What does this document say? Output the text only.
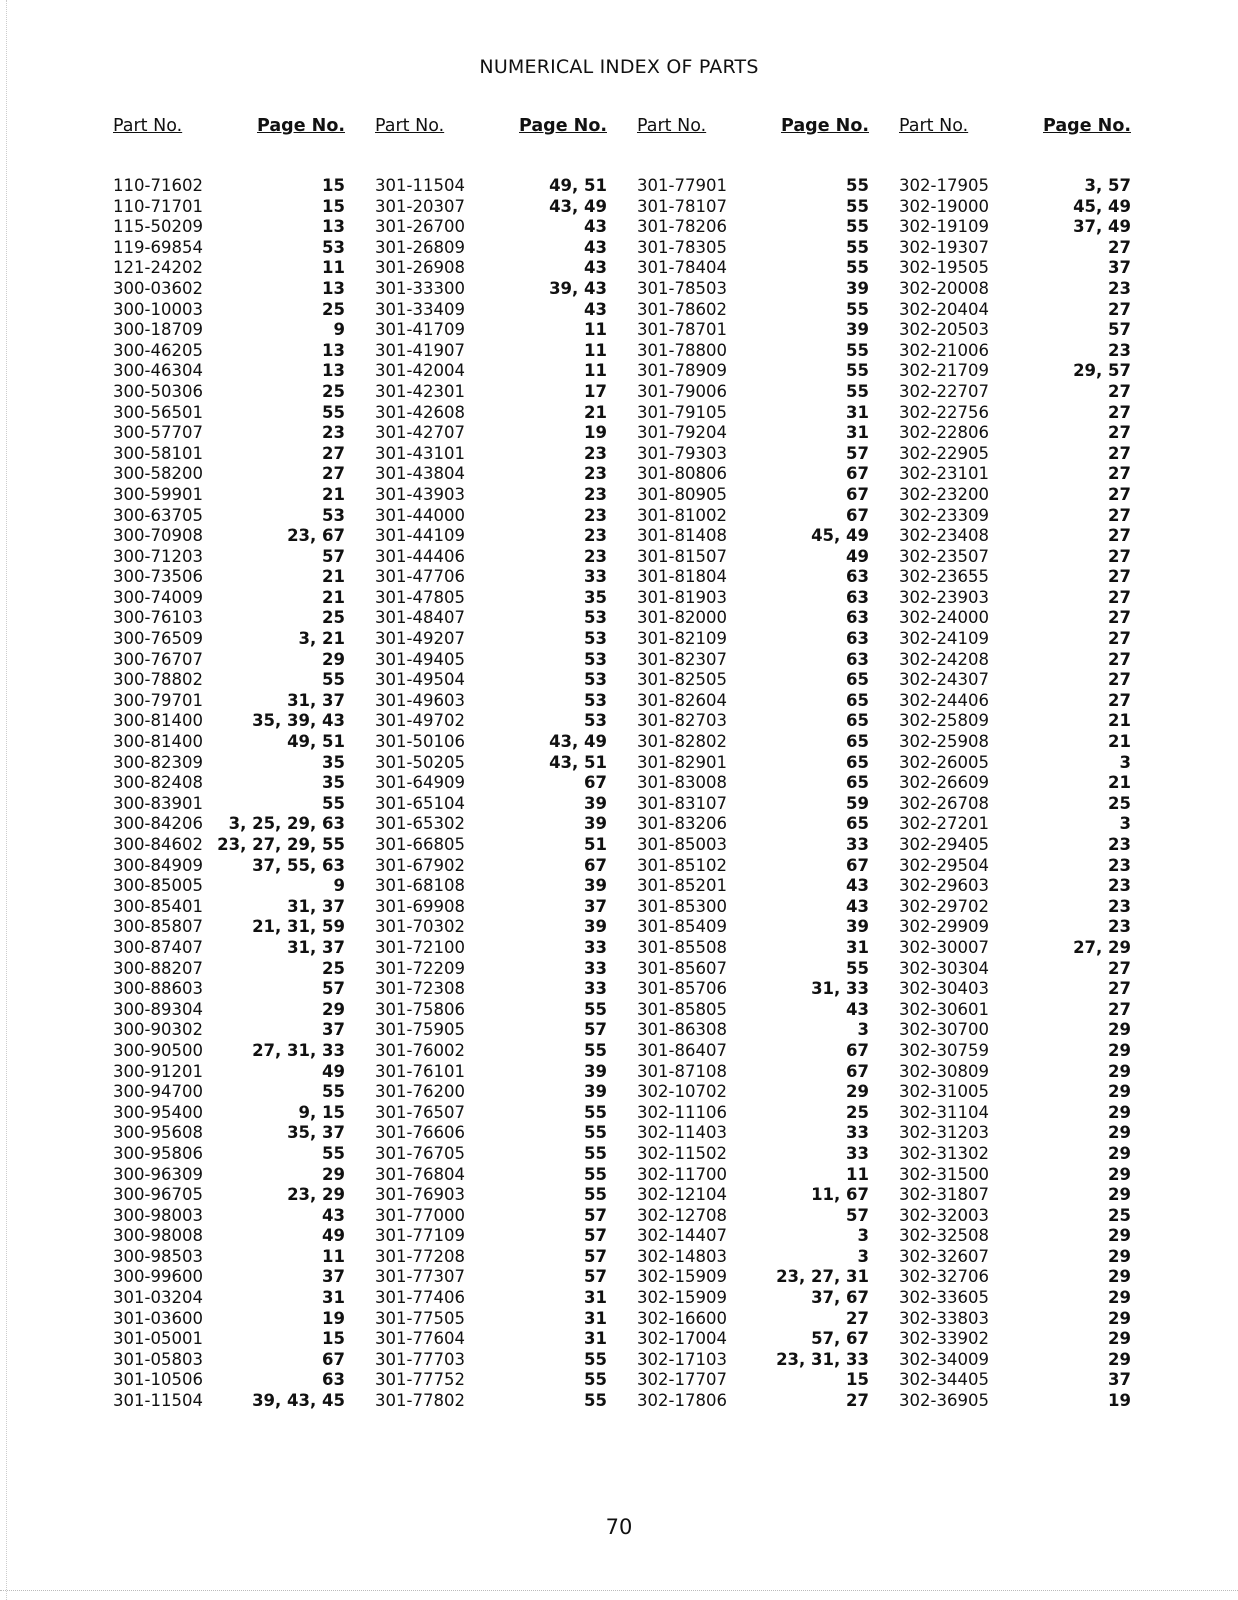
NUMERICAL INDEX OF PARTS
Part No.	Page No.
110-71602	15
110-71701	15
115-50209	13
119-69854	53
121-24202	11
300-03602	13
300-10003	25
300-18709	9
300-46205	13
300-46304	13
300-50306	25
300-56501	55
300-57707	23
300-58101	27
300-58200	27
300-59901	21
300-63705	53
300-70908	23, 67
300-71203	57
300-73506	21
300-74009	21
300-76103	25
300-76509	3, 21
300-76707	29
300-78802	55
300-79701	31, 37
300-81400	35, 39, 43
300-81400	49, 51
300-82309	35
300-82408	35
300-83901	55
300-84206 3, 25, 29, 63
300-84602 23, 27, 29, 55
300-84909	37, 55, 63
300-85005	9
300-85401	31, 37
300-85807	21, 31, 59
300-87407	31, 37
300-88207	25
300-88603	57
300-89304	29
300-90302	37
300-90500	27, 31, 33
300-91201	49
300-94700	55
300-95400	9, 15
300-95608	35, 37
300-95806	55
300-96309	29
300-96705	23, 29
300-98003	43
300-98008	49
300-98503	11
300-99600	37
301-03204	31
301-03600	19
301-05001	15
301-05803	67
301-10506	63
301-11504	39, 43, 45
Part No.	Page No.
301-11504	49, 51
301-20307	43, 49
301-26700	43
301-26809	43
301-26908	43
301-33300	39, 43
301-33409	43
301-41709	11
301-41907	11
301-42004	11
301-42301	17
301-42608	21
301-42707	19
301-43101	23
301-43804	23
301-43903	23
301-44000	23
301-44109	23
301-44406	23
301-47706	33
301-47805	35
301-48407	53
301-49207	53
301-49405	53
301-49504	53
301-49603	53
301-49702	53
301-50106	43, 49
301-50205	43, 51
301-64909	67
301-65104	39
301-65302	39
301-66805	51
301-67902	67
301-68108	39
301-69908	37
301-70302	39
301-72100	33
301-72209	33
301-72308	33
301-75806	55
301-75905	57
301-76002	55
301-76101	39
301-76200	39
301-76507	55
301-76606	55
301-76705	55
301-76804	55
301-76903	55
301-77000	57
301-77109	57
301-77208	57
301-77307	57
301-77406	31
301-77505	31
301-77604	31
301-77703	55
301-77752	55
301-77802	55
Part No.	Page No.
301-77901	55
301-78107	55
301-78206	55
301-78305	55
301-78404	55
301-78503	39
301-78602	55
301-78701	39
301-78800	55
301-78909	55
301-79006	55
301-79105	31
301-79204	31
301-79303	57
301-80806	67
301-80905	67
301-81002	67
301-81408	45, 49
301-81507	49
301-81804	63
301-81903	63
301-82000	63
301-82109	63
301-82307	63
301-82505	65
301-82604	65
301-82703	65
301-82802	65
301-82901	65
301-83008	65
301-83107	59
301-83206	65
301-85003	33
301-85102	67
301-85201	43
301-85300	43
301-85409	39
301-85508	31
301-85607	55
301-85706	31, 33
301-85805	43
301-86308	3
301-86407	67
301-87108	67
302-10702	29
302-11106	25
302-11403	33
302-11502	33
302-11700	11
302-12104	11, 67
302-12708	57
302-14407	3
302-14803	3
302-15909	23, 27, 31
302-15909	37, 67
302-16600	27
302-17004	57, 67
302-17103	23, 31, 33
302-17707	15
302-17806	27
Part No.	Page No.
302-17905	3, 57
302-19000	45, 49
302-19109	37, 49
302-19307	27
302-19505	37
302-20008	23
302-20404	27
302-20503	57
302-21006	23
302-21709	29, 57
302-22707	27
302-22756	27
302-22806	27
302-22905	27
302-23101	27
302-23200	27
302-23309	27
302-23408	27
302-23507	27
302-23655	27
302-23903	27
302-24000	27
302-24109	27
302-24208	27
302-24307	27
302-24406	27
302-25809	21
302-25908	21
302-26005	3
302-26609	21
302-26708	25
302-27201	3
302-29405	23
302-29504	23
302-29603	23
302-29702	23
302-29909	23
302-30007	27, 29
302-30304	27
302-30403	27
302-30601	27
302-30700	29
302-30759	29
302-30809	29
302-31005	29
302-31104	29
302-31203	29
302-31302	29
302-31500	29
302-31807	29
302-32003	25
302-32508	29
302-32607	29
302-32706	29
302-33605	29
302-33803	29
302-33902	29
302-34009	29
302-34405	37
302-36905	19
70
